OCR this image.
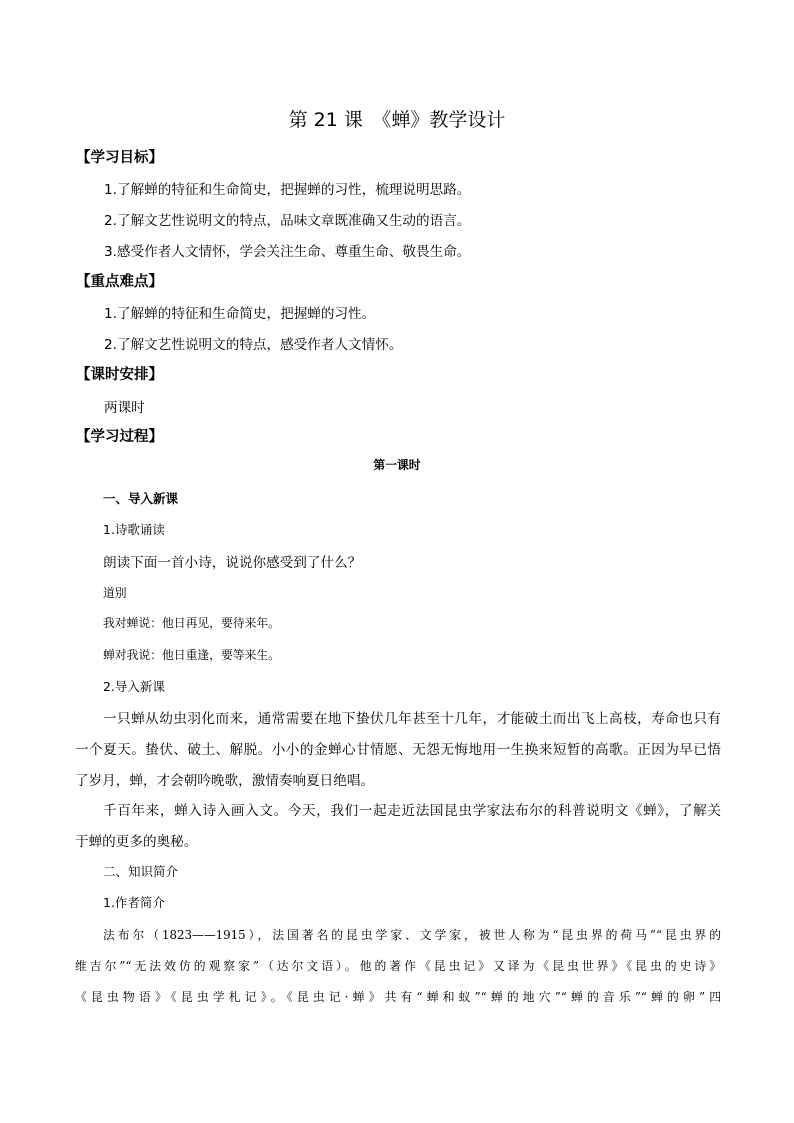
第 21 课　《蝉》教学设计
【学习目标】
1.了解蝉的特征和生命简史，把握蝉的习性，梳理说明思路。
2.了解文艺性说明文的特点，品味文章既准确又生动的语言。
3.感受作者人文情怀，学会关注生命、尊重生命、敬畏生命。
【重点难点】
1.了解蝉的特征和生命简史，把握蝉的习性。
2.了解文艺性说明文的特点，感受作者人文情怀。
【课时安排】
两课时
【学习过程】
第一课时
一、导入新课
1.诗歌诵读
朗读下面一首小诗，说说你感受到了什么？
道别
我对蝉说：他日再见，要待来年。
蝉对我说：他日重逢，要等来生。
2.导入新课
一只蝉从幼虫羽化而来，通常需要在地下蛰伏几年甚至十几年，才能破土而出飞上高枝，寿命也只有
一个夏天。蛰伏、破土、解脱。小小的金蝉心甘情愿、无怨无悔地用一生换来短暂的高歌。正因为早已悟
了岁月，蝉，才会朝吟晚歌，激情奏响夏日绝唱。
千百年来，蝉入诗入画入文。今天，我们一起走近法国昆虫学家法布尔的科普说明文《蝉》，了解关
于蝉的更多的奥秘。
二、知识简介
1.作者简介
法布尔（1823——1915），法国著名的昆虫学家、文学家，被世人称为“昆虫界的荷马”“昆虫界的
维吉尔”“无法效仿的观察家”（达尔文语）。他的著作《昆虫记》又译为《昆虫世界》《昆虫的史诗》
《昆虫物语》《昆虫学札记》。《昆虫记·蝉》共有“蝉和蚁”“蝉的地穴”“蝉的音乐”“蝉的卵”四
